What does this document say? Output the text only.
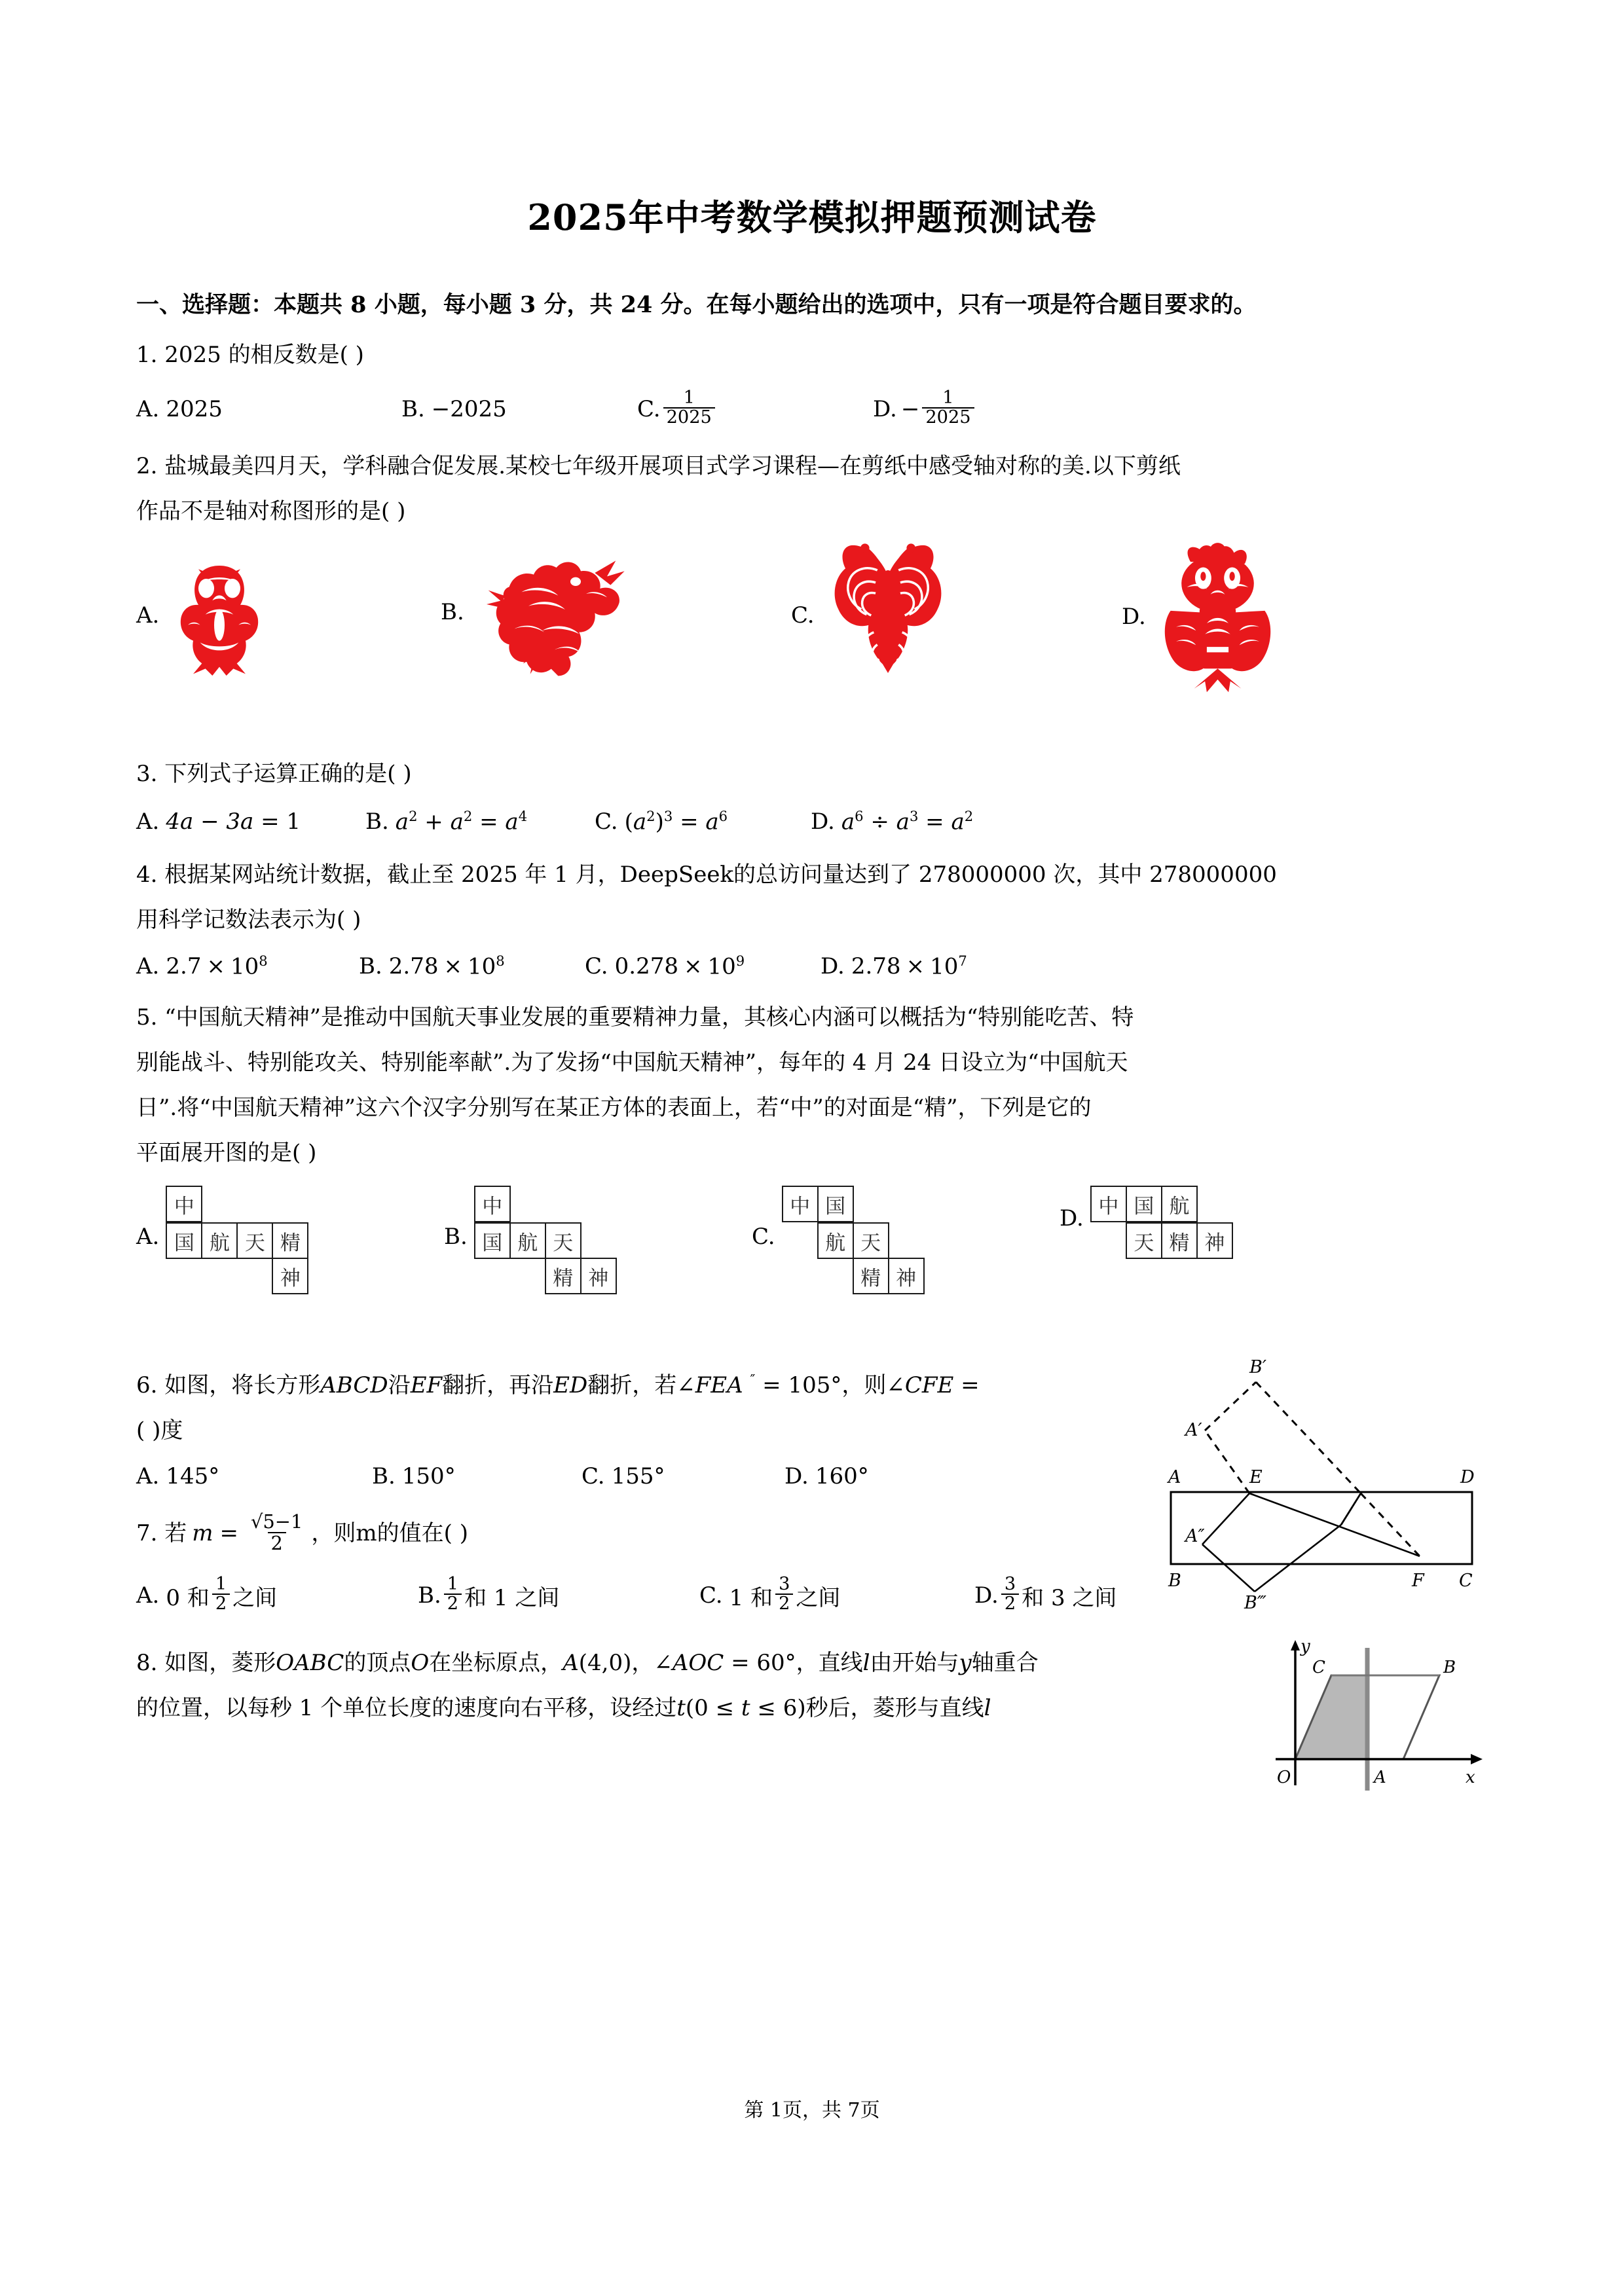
2025年中考数学模拟押题预测试卷
一、选择题：本题共 8 小题，每小题 3 分，共 24 分。在每小题给出的选项中，只有一项是符合题目要求的。
1. 2025 的相反数是( )
A. 2025	B. −2025	C. $\frac{1}{2025}$	D. − $\frac{1}{2025}$
2. 盐城最美四月天，学科融合促发展.某校七年级开展项目式学习课程—在剪纸中感受轴对称的美.以下剪纸
作品不是轴对称图形的是( )
A.	B.	C.	D.
3. 下列式子运算正确的是( )
A. 4a − 3a = 1	B. $a^2 + a^2 = a^4$	C. $(a^2)^3 = a^6$	D. $a^6 \div a^3 = a^2$
4. 根据某网站统计数据，截止至 2025 年 1 月，DeepSeek的总访问量达到了 278000000 次，其中 278000000
用科学记数法表示为( )
A. $2.7 \times 10^8$	B. $2.78 \times 10^8$	C. $0.278 \times 10^9$	D. $2.78 \times 10^7$
5. “中国航天精神”是推动中国航天事业发展的重要精神力量，其核心内涵可以概括为“特别能吃苦、特
别能战斗、特别能攻关、特别能率献”.为了发扬“中国航天精神”，每年的 4 月 24 日设立为“中国航天
日”.将“中国航天精神”这六个汉字分别写在某正方体的表面上，若“中”的对面是“精”，下列是它的
平面展开图的是( )
A.
中
国 航 天 精
神
B.
中
国 航 天
精 神
C.
中 国
航 天
精 神
D. 中 国 航
天 精 神
6. 如图，将长方形ABCD沿EF翻折，再沿ED翻折，若∠FEA ″ = 105°，则∠CFE =
( )度
A. 145°	B. 150°	C. 155°	D. 160°
7. 若 $m = \frac{√5-1}{2}$ ，则m的值在( )
A. 0 和 $\frac{1}{2}$ 之间	B. $\frac{1}{2}$ 和 1 之间	C. 1 和 $\frac{3}{2}$ 之间	D. $\frac{3}{2}$ 和 3 之间
B′
A′
A	E	D
A″
B
B‴
F C
8. 如图，菱形OABC的顶点O在坐标原点，A(4,0)，∠AOC = 60°，直线l由开始与y轴重合
的位置，以每秒 1 个单位长度的速度向右平移，设经过t(0 ≤ t ≤ 6)秒后，菱形与直线l
y
C	B
O	A	x
第 1页，共 7页
